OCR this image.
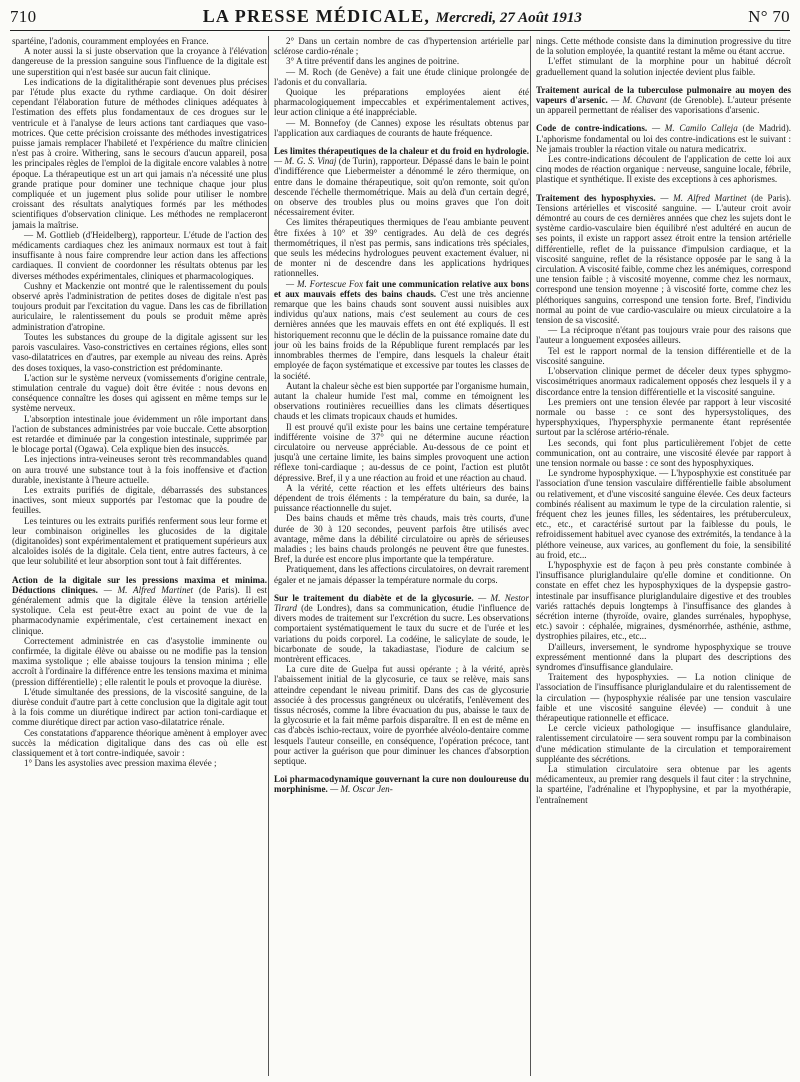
710	LA PRESSE MÉDICALE, Mercredi, 27 Août 1913	N° 70

spartéine, l'adonis, couramment employées en France.

A noter aussi la si juste observation que la croyance à l'élévation dangereuse de la pression sanguine sous l'influence de la digitale est une superstition qui n'est basée sur aucun fait clinique.

Les indications de la digitalithérapie sont devenues plus précises par l'étude plus exacte du rythme cardiaque. On doit désirer cependant l'élaboration future de méthodes cliniques adéquates à l'estimation des effets plus fondamentaux de ces drogues sur le ventricule et à l'analyse de leurs actions tant cardiaques que vaso-motrices. Que cette précision croissante des méthodes investigatrices puisse jamais remplacer l'habileté et l'expérience du maître clinicien n'est pas à croire. Withering, sans le secours d'aucun appareil, posa les principales règles de l'emploi de la digitale encore valables à notre époque. La thérapeutique est un art qui jamais n'a nécessité une plus grande pratique pour dominer une technique chaque jour plus compliquée et un jugement plus solide pour utiliser le nombre croissant des résultats analytiques formés par les méthodes scientifiques d'observation clinique. Les méthodes ne remplaceront jamais la maîtrise.

— M. Gottlieb (d'Heidelberg), rapporteur. L'étude de l'action des médicaments cardiaques chez les animaux normaux est tout à fait insuffisante à nous faire comprendre leur action dans les affections cardiaques. Il convient de coordonner les résultats obtenus par les diverses méthodes expérimentales, cliniques et pharmacologiques.

Cushny et Mackenzie ont montré que le ralentissement du pouls observé après l'administration de petites doses de digitale n'est pas toujours produit par l'excitation du vague. Dans les cas de fibrillation auriculaire, le ralentissement du pouls se produit même après administration d'atropine.

Toutes les substances du groupe de la digitale agissent sur les parois vasculaires. Vaso-constrictives en certaines régions, elles sont vaso-dilatatrices en d'autres, par exemple au niveau des reins. Après des doses toxiques, la vaso-constriction est prédominante.

L'action sur le système nerveux (vomissements d'origine centrale, stimulation centrale du vague) doit être évitée : nous devons en conséquence connaître les doses qui agissent en même temps sur le système nerveux.

L'absorption intestinale joue évidemment un rôle important dans l'action de substances administrées par voie buccale. Cette absorption est retardée et diminuée par la congestion intestinale, supprimée par le blocage portal (Ogawa). Cela explique bien des insuccès.

Les injections intra-veineuses seront très recommandables quand on aura trouvé une substance tout à la fois inoffensive et d'action durable, inexistante à l'heure actuelle.

Les extraits purifiés de digitale, débarrassés des substances inactives, sont mieux supportés par l'estomac que la poudre de feuilles.

Les teintures ou les extraits purifiés renferment sous leur forme et leur combinaison originelles les glucosides de la digitale (digitanoïdes) sont expérimentalement et pratiquement supérieurs aux alcaloïdes isolés de la digitale. Cela tient, entre autres facteurs, à ce que leur solubilité et leur absorption sont tout à fait différentes.

Action de la digitale sur les pressions maxima et minima. Déductions cliniques. — M. Alfred Martinet (de Paris). Il est généralement admis que la digitale élève la tension artérielle systolique. Cela est peut-être exact au point de vue de la pharmacodynamie expérimentale, c'est certainement inexact en clinique.

Correctement administrée en cas d'asystolie imminente ou confirmée, la digitale élève ou abaisse ou ne modifie pas la tension maxima systolique ; elle abaisse toujours la tension minima ; elle accroît à l'ordinaire la différence entre les tensions maxima et minima (pression différentielle) ; elle ralentit le pouls et provoque la diurèse.

L'étude simultanée des pressions, de la viscosité sanguine, de la diurèse conduit d'autre part à cette conclusion que la digitale agit tout à la fois comme un diurétique indirect par action toni-cardiaque et comme diurétique direct par action vaso-dilatatrice rénale.

Ces constatations d'apparence théorique amènent à employer avec succès la médication digitalique dans des cas où elle est classiquement et à tort contre-indiquée, savoir :

1° Dans les asystolies avec pression maxima élevée ;

2° Dans un certain nombre de cas d'hypertension artérielle par sclérose cardio-rénale ;

3° A titre préventif dans les angines de poitrine.

— M. Roch (de Genève) a fait une étude clinique prolongée de l'adonis et du convallaria.

Quoique les préparations employées aient été pharmacologiquement impeccables et expérimentalement actives, leur action clinique a été inappréciable.

— M. Bonnefoy (de Cannes) expose les résultats obtenus par l'application aux cardiaques de courants de haute fréquence.

Les limites thérapeutiques de la chaleur et du froid en hydrologie. — M. G. S. Vinaj (de Turin), rapporteur. Dépassé dans le bain le point d'indifférence que Liebermeister a dénommé le zéro thermique, on entre dans le domaine thérapeutique, soit qu'on remonte, soit qu'on descende l'échelle thermométrique. Mais au delà d'un certain degré, on observe des troubles plus ou moins graves que l'on doit nécessairement éviter.

Ces limites thérapeutiques thermiques de l'eau ambiante peuvent être fixées à 10° et 39° centigrades. Au delà de ces degrés thermométriques, il n'est pas permis, sans indications très spéciales, que seuls les médecins hydrologues peuvent exactement évaluer, ni de monter ni de descendre dans les applications hydriques rationnelles.

— M. Fortescue Fox fait une communication relative aux bons et aux mauvais effets des bains chauds. C'est une très ancienne remarque que les bains chauds sont souvent aussi nuisibles aux individus qu'aux nations, mais c'est seulement au cours de ces dernières années que les mauvais effets en ont été expliqués. Il est historiquement reconnu que le déclin de la puissance romaine date du jour où les bains froids de la République furent remplacés par les innombrables thermes de l'empire, dans lesquels la chaleur était employée de façon systématique et excessive par toutes les classes de la société.

Autant la chaleur sèche est bien supportée par l'organisme humain, autant la chaleur humide l'est mal, comme en témoignent les observations routinières recueillies dans les climats désertiques chauds et les climats tropicaux chauds et humides.

Il est prouvé qu'il existe pour les bains une certaine température indifférente voisine de 37° qui ne détermine aucune réaction circulatoire ou nerveuse appréciable. Au-dessous de ce point et jusqu'à une certaine limite, les bains simples provoquent une action réflexe toni-cardiaque ; au-dessus de ce point, l'action est plutôt dépressive. Bref, il y a une réaction au froid et une réaction au chaud.

A la vérité, cette réaction et les effets ultérieurs des bains dépendent de trois éléments : la température du bain, sa durée, la puissance réactionnelle du sujet.

Des bains chauds et même très chauds, mais très courts, d'une durée de 30 à 120 secondes, peuvent parfois être utilisés avec avantage, même dans la débilité circulatoire ou après de sérieuses maladies ; les bains chauds prolongés ne peuvent être que funestes. Bref, la durée est encore plus importante que la température.

Pratiquement, dans les affections circulatoires, on devrait rarement égaler et ne jamais dépasser la température normale du corps.

Sur le traitement du diabète et de la glycosurie. — M. Nestor Tirard (de Londres), dans sa communication, étudie l'influence de divers modes de traitement sur l'excrétion du sucre. Les observations comportaient systématiquement le taux du sucre et de l'urée et les variations du poids corporel. La codéine, le salicylate de soude, le bicarbonate de soude, la takadiastase, l'iodure de calcium se montrèrent efficaces.

La cure dite de Guelpa fut aussi opérante ; à la vérité, après l'abaissement initial de la glycosurie, ce taux se relève, mais sans atteindre cependant le niveau primitif. Dans des cas de glycosurie associée à des processus gangréneux ou ulcératifs, l'enlèvement des tissus nécrosés, comme la libre évacuation du pus, abaisse le taux de la glycosurie et la fait même parfois disparaître. Il en est de même en cas d'abcès ischio-rectaux, voire de pyorrhée alvéolo-dentaire comme lesquels l'auteur conseille, en conséquence, l'opération précoce, tant pour activer la guérison que pour diminuer les chances d'absorption septique.

Loi pharmacodynamique gouvernant la cure non douloureuse du morphinisme. — M. Oscar Jen-

nings. Cette méthode consiste dans la diminution progressive du titre de la solution employée, la quantité restant la même ou étant accrue.

L'effet stimulant de la morphine pour un habitué décroît graduellement quand la solution injectée devient plus faible.

Traitement aurical de la tuberculose pulmonaire au moyen des vapeurs d'arsenic. — M. Chavant (de Grenoble). L'auteur présente un appareil permettant de réaliser des vaporisations d'arsenic.

Code de contre-indications. — M. Camilo Calleja (de Madrid). L'aphorisme fondamental ou loi des contre-indications est le suivant : Ne jamais troubler la réaction vitale ou natura medicatrix.

Les contre-indications découlent de l'application de cette loi aux cinq modes de réaction organique : nerveuse, sanguine locale, fébrile, plastique et synthétique. Il existe des exceptions à ces aphorismes.

Traitement des hyposphyxies. — M. Alfred Martinet (de Paris). Tensions artérielles et viscosité sanguine. — L'auteur croit avoir démontré au cours de ces dernières années que chez les sujets dont le système cardio-vasculaire bien équilibré n'est adultéré en aucun de ses points, il existe un rapport assez étroit entre la tension artérielle différentielle, reflet de la puissance d'impulsion cardiaque, et la viscosité sanguine, reflet de la résistance opposée par le sang à la circulation. A viscosité faible, comme chez les anémiques, correspond une tension faible ; à viscosité moyenne, comme chez les normaux, correspond une tension moyenne ; à viscosité forte, comme chez les pléthoriques sanguins, correspond une tension forte. Bref, l'individu normal au point de vue cardio-vasculaire ou mieux circulatoire a la tension de sa viscosité.

— La réciproque n'étant pas toujours vraie pour des raisons que l'auteur a longuement exposées ailleurs.

Tel est le rapport normal de la tension différentielle et de la viscosité sanguine.

L'observation clinique permet de déceler deux types sphygmo-viscosimétriques anormaux radicalement opposés chez lesquels il y a discordance entre la tension différentielle et la viscosité sanguine.

Les premiers ont une tension élevée par rapport à leur viscosité normale ou basse : ce sont des hypersystoliques, des hypersphyxiques, l'hypersphyxie permanente étant représentée surtout par la sclérose artério-rénale.

Les seconds, qui font plus particulièrement l'objet de cette communication, ont au contraire, une viscosité élevée par rapport à une tension normale ou basse : ce sont des hyposphyxiques.

Le syndrome hyposphyxique. — L'hyposphyxie est constituée par l'association d'une tension vasculaire différentielle faible absolument ou relativement, et d'une viscosité sanguine élevée. Ces deux facteurs combinés réalisent au maximum le type de la circulation ralentie, si fréquent chez les jeunes filles, les sédentaires, les prétuberculeux, etc., etc., et caractérisé surtout par la faiblesse du pouls, le refroidissement habituel avec cyanose des extrémités, la tendance à la pléthore veineuse, aux varices, au gonflement du foie, la sensibilité au froid, etc...

L'hyposphyxie est de façon à peu près constante combinée à l'insuffisance pluriglandulaire qu'elle domine et conditionne. On constate en effet chez les hyposphyxiques de la dyspepsie gastro-intestinale par insuffisance pluriglandulaire digestive et des troubles variés rattachés depuis longtemps à l'insuffisance des glandes à sécrétion interne (thyroïde, ovaire, glandes surrénales, hypophyse, etc.) savoir : céphalée, migraines, dysménorrhée, asthénie, asthme, dystrophies pilaires, etc., etc...

D'ailleurs, inversement, le syndrome hyposphyxique se trouve expressément mentionné dans la plupart des descriptions des syndromes d'insuffisance glandulaire.

Traitement des hyposphyxies. — La notion clinique de l'association de l'insuffisance pluriglandulaire et du ralentissement de la circulation — (hyposphyxie réalisée par une tension vasculaire faible et une viscosité sanguine élevée) — conduit à une thérapeutique rationnelle et efficace.

Le cercle vicieux pathologique — insuffisance glandulaire, ralentissement circulatoire — sera souvent rompu par la combinaison d'une médication stimulante de la circulation et temporairement suppléante des sécrétions.

La stimulation circulatoire sera obtenue par les agents médicamenteux, au premier rang desquels il faut citer : la strychnine, la spartéine, l'adrénaline et l'hypophysine, et par la myothérapie, l'entraînement
